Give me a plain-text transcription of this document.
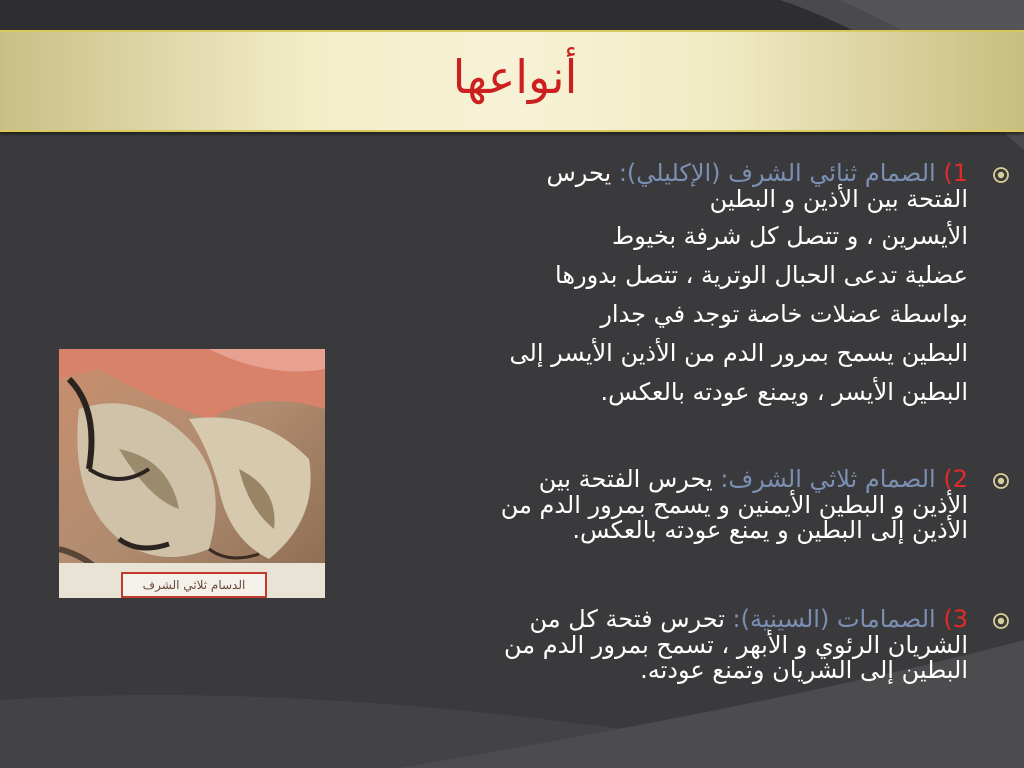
أنواعها
1) الصمام ثنائي الشرف (الإكليلي): يحرس
الفتحة بين الأذين و البطين
الأيسرين ، و تتصل كل شرفة بخيوط
عضلية تدعى الحبال الوترية ، تتصل بدورها
بواسطة عضلات خاصة توجد في جدار
البطين يسمح بمرور الدم من الأذين الأيسر إلى
البطين الأيسر ، ويمنع عودته بالعكس.
2) الصمام ثلاثي الشرف: يحرس الفتحة بين
الأذين و البطين الأيمنين و يسمح بمرور الدم من
الأذين إلى البطين و يمنع عودته بالعكس.
3) الصمامات (السينية): تحرس فتحة كل من
الشريان الرئوي و الأبهر ، تسمح بمرور الدم من
البطين إلى الشريان وتمنع عودته.
الدسام ثلاثي الشرف
